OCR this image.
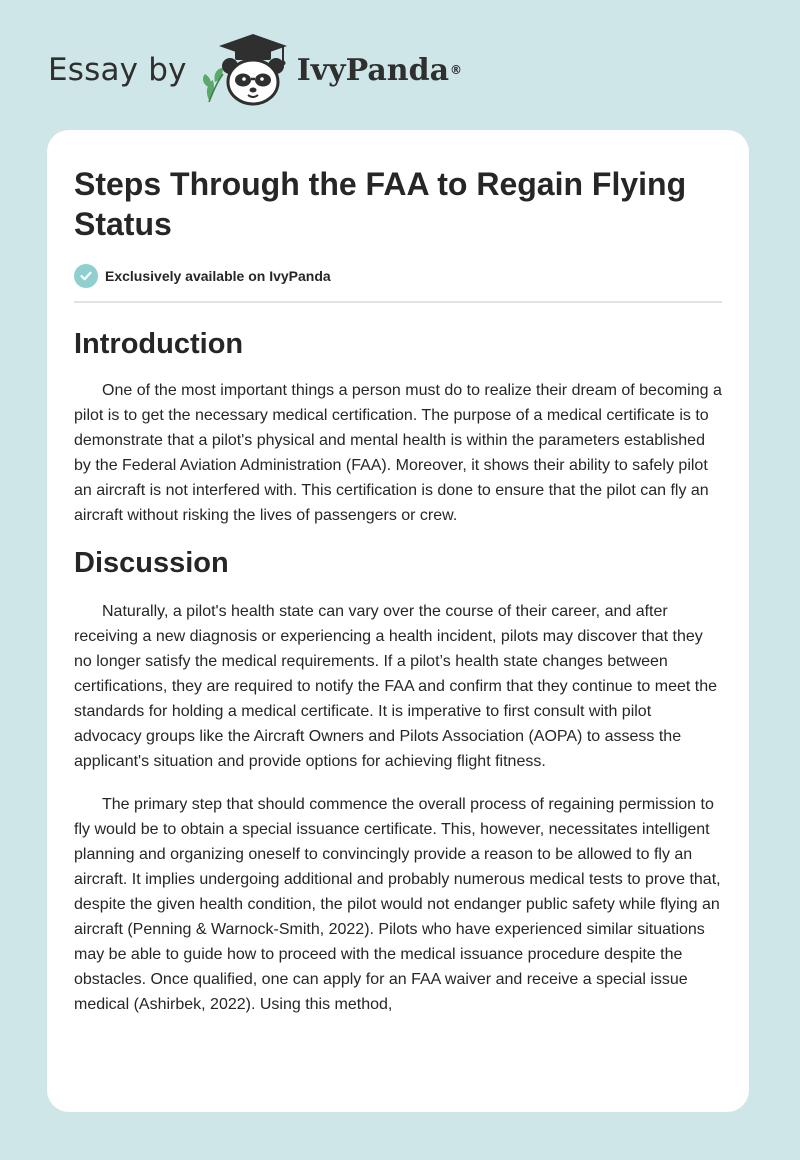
Essay by	IvyPanda ®
Steps Through the FAA to Regain Flying Status
Exclusively available on IvyPanda
Introduction

One of the most important things a person must do to realize their dream of becoming a pilot is to get the necessary medical certification. The purpose of a medical certificate is to demonstrate that a pilot's physical and mental health is within the parameters established by the Federal Aviation Administration (FAA). Moreover, it shows their ability to safely pilot an aircraft is not interfered with. This certification is done to ensure that the pilot can fly an aircraft without risking the lives of passengers or crew.

Discussion

Naturally, a pilot's health state can vary over the course of their career, and after receiving a new diagnosis or experiencing a health incident, pilots may discover that they no longer satisfy the medical requirements. If a pilot’s health state changes between certifications, they are required to notify the FAA and confirm that they continue to meet the standards for holding a medical certificate. It is imperative to first consult with pilot advocacy groups like the Aircraft Owners and Pilots Association (AOPA) to assess the applicant's situation and provide options for achieving flight fitness.

The primary step that should commence the overall process of regaining permission to fly would be to obtain a special issuance certificate. This, however, necessitates intelligent planning and organizing oneself to convincingly provide a reason to be allowed to fly an aircraft. It implies undergoing additional and probably numerous medical tests to prove that, despite the given health condition, the pilot would not endanger public safety while flying an aircraft (Penning & Warnock-Smith, 2022). Pilots who have experienced similar situations may be able to guide how to proceed with the medical issuance procedure despite the obstacles. Once qualified, one can apply for an FAA waiver and receive a special issue medical (Ashirbek, 2022). Using this method,
